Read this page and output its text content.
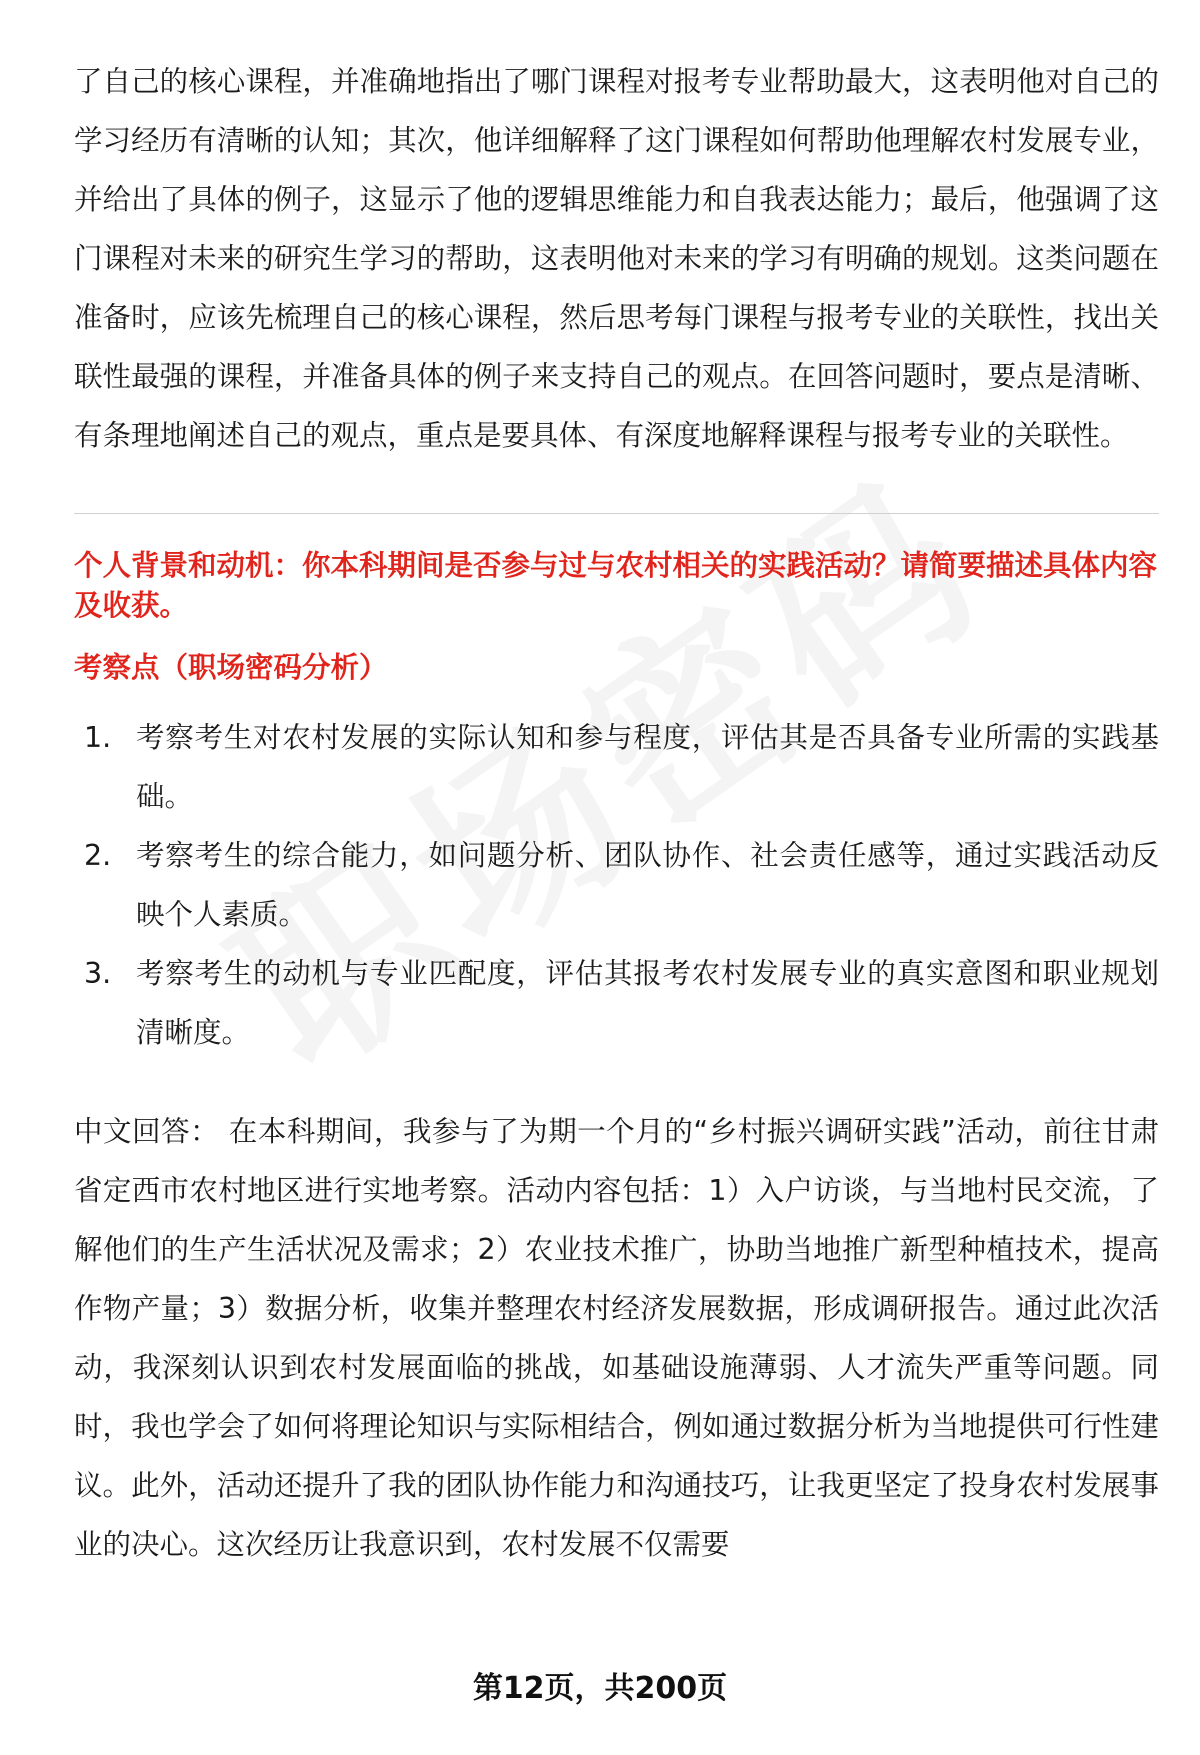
了自己的核心课程，并准确地指出了哪门课程对报考专业帮助最大，这表明他对自己的学习经历有清晰的认知；其次，他详细解释了这门课程如何帮助他理解农村发展专业，并给出了具体的例子，这显示了他的逻辑思维能力和自我表达能力；最后，他强调了这门课程对未来的研究生学习的帮助，这表明他对未来的学习有明确的规划。这类问题在准备时，应该先梳理自己的核心课程，然后思考每门课程与报考专业的关联性，找出关联性最强的课程，并准备具体的例子来支持自己的观点。在回答问题时，要点是清晰、有条理地阐述自己的观点，重点是要具体、有深度地解释课程与报考专业的关联性。

个人背景和动机：你本科期间是否参与过与农村相关的实践活动？请简要描述具体内容及收获。

考察点（职场密码分析）

1. 考察考生对农村发展的实际认知和参与程度，评估其是否具备专业所需的实践基础。
2. 考察考生的综合能力，如问题分析、团队协作、社会责任感等，通过实践活动反映个人素质。
3. 考察考生的动机与专业匹配度，评估其报考农村发展专业的真实意图和职业规划清晰度。

中文回答： 在本科期间，我参与了为期一个月的“乡村振兴调研实践”活动，前往甘肃省定西市农村地区进行实地考察。活动内容包括：1）入户访谈，与当地村民交流，了解他们的生产生活状况及需求；2）农业技术推广，协助当地推广新型种植技术，提高作物产量；3）数据分析，收集并整理农村经济发展数据，形成调研报告。通过此次活动，我深刻认识到农村发展面临的挑战，如基础设施薄弱、人才流失严重等问题。同时，我也学会了如何将理论知识与实际相结合，例如通过数据分析为当地提供可行性建议。此外，活动还提升了我的团队协作能力和沟通技巧，让我更坚定了投身农村发展事业的决心。这次经历让我意识到，农村发展不仅需要

第12页，共200页
